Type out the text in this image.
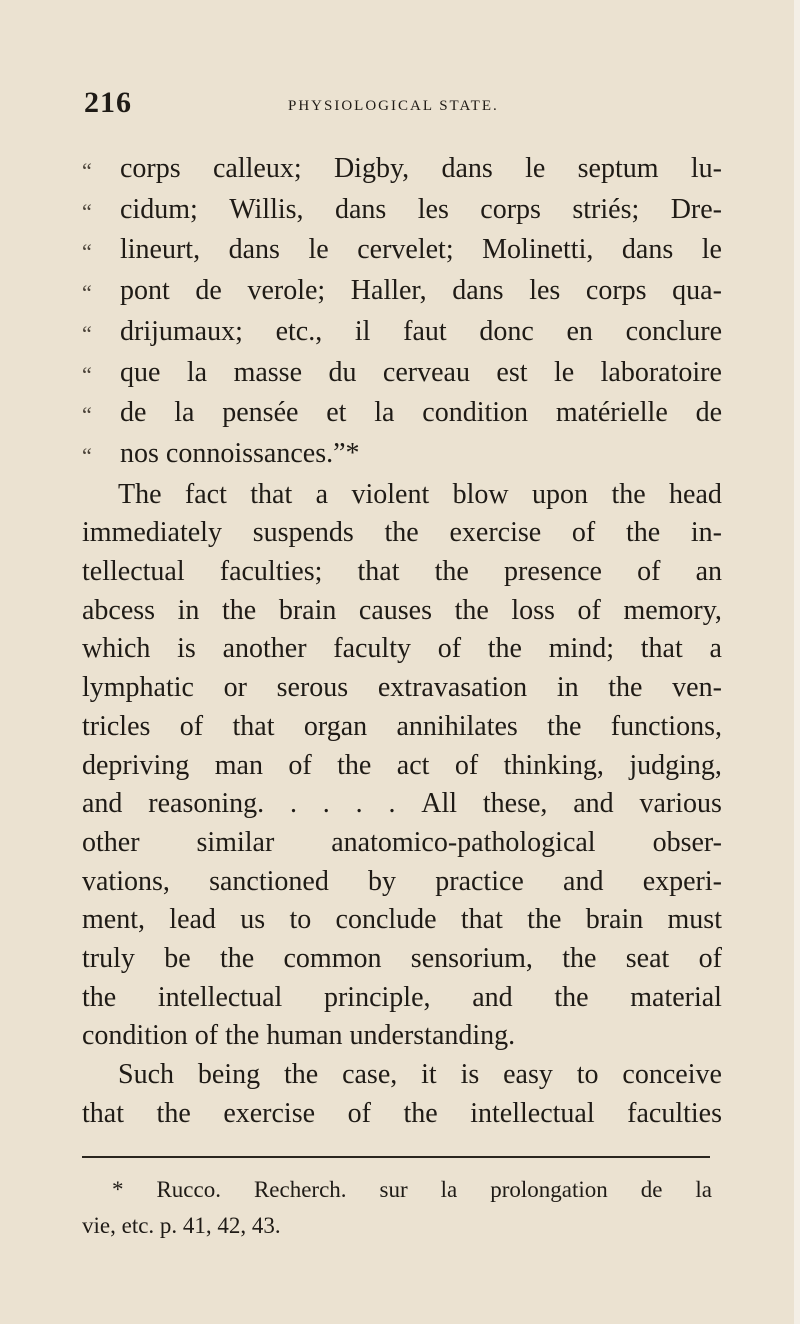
216	PHYSIOLOGICAL STATE.
“	corps calleux; Digby, dans le septum lu-
“	cidum; Willis, dans les corps striés; Dre-
“	lineurt, dans le cervelet; Molinetti, dans le
“	pont de verole; Haller, dans les corps qua-
“	drijumaux; etc., il faut donc en conclure
“	que la masse du cerveau est le laboratoire
“	de la pensée et la condition matérielle de
“	nos
connoissances.”*

The fact that a violent blow upon the head
immediately suspends the exercise of the in-
tellectual faculties; that the presence of an
abcess in the brain causes the loss of memory,
which is another faculty of the mind; that a
lymphatic or serous extravasation in the ven-
tricles of that organ annihilates the functions,
depriving man of the act of thinking, judging,
and reasoning. . . . . All these, and various
other similar anatomico-pathological obser-
vations, sanctioned by practice and experi-
ment, lead us to conclude that the brain must
truly be the common sensorium, the seat of
the intellectual principle, and the material
condition
of
the
human
understanding.

Such being the case, it is easy to conceive
that the exercise of the intellectual faculties
* Rucco. Recherch. sur la prolongation de la
vie,
etc.
p.
41,
42,
43.
